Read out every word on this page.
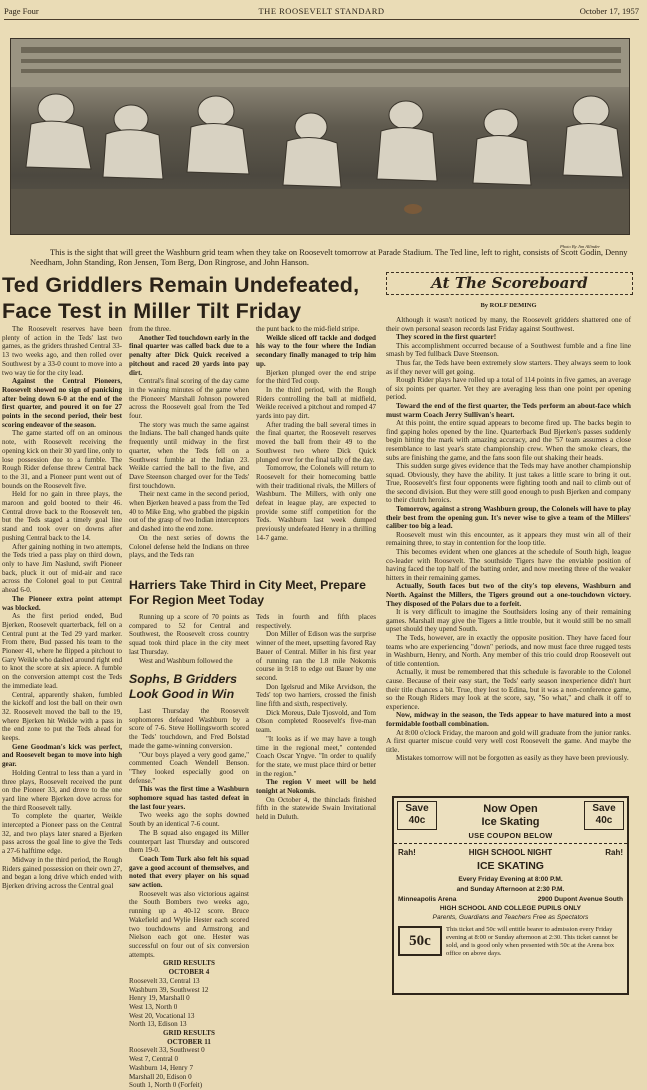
Page Four	THE ROOSEVELT STANDARD	October 17, 1957
Photo By Jim Allinder
This is the sight that will greet the Washburn grid team when they take on Roosevelt tomorrow at Parade Stadium. The Ted line, left to right, consists of Scott Godin, Denny Needham, John Standing, Ron Jensen, Tom Berg, Don Ringrose, and John Hanson.
Ted Griddlers Remain Undefeated, Face Test in Miller Tilt Friday

The Roosevelt reserves have been plenty of action in the Teds' last two games, as the griders thrashed Central 33-13 two weeks ago, and then rolled over Southwest by a 33-0 count to move into a two way tie for the city lead.

Against the Central Pioneers, Roosevelt showed no sign of panicking after being down 6-0 at the end of the first quarter, and poured it on for 27 points in the second period, their best scoring endeavor of the season.

The game started off on an ominous note, with Roosevelt receiving the opening kick on their 30 yard line, only to lose possession due to a fumble. The Rough Rider defense threw Central back to the 31, and a Pioneer punt went out of bounds on the Roosevelt five.

Held for no gain in three plays, the maroon and gold booted to their 46. Central drove back to the Roosevelt ten, but the Teds staged a timely goal line stand and took over on downs after pushing Central back to the 14.

After gaining nothing in two attempts, the Teds tried a pass play on third down, only to have Jim Naslund, swift Pioneer back, pluck it out of mid-air and race across the Colonel goal to put Central ahead 6-0.

The Pioneer extra point attempt was blocked.

As the first period ended, Bud Bjerken, Roosevelt quarterback, fell on a Central punt at the Ted 29 yard marker. From there, Bud passed his team to the Pioneer 41, where he flipped a pitchout to Gary Weikle who dashed around right end to knot the score at six apiece. A fumble on the conversion attempt cost the Teds the immediate lead.

Central, apparently shaken, fumbled the kickoff and lost the ball on their own 32. Roosevelt moved the ball to the 19, where Bjerken hit Weikle with a pass in the end zone to put the Teds ahead for keeps.

Gene Goodman's kick was perfect, and Roosevelt began to move into high gear.

Holding Central to less than a yard in three plays, Roosevelt received the punt on the Pioneer 33, and drove to the one yard line where Bjerken dove across for the third Roosevelt tally.

To complete the quarter, Weikle intercepted a Pioneer pass on the Central 32, and two plays later snared a Bjerken pass across the goal line to give the Teds a 27-6 halftime edge.

Midway in the third period, the Rough Riders gained possession on their own 27, and began a long drive which ended with Bjerken driving across the Central goal

from the three.

Another Ted touchdown early in the final quarter was called back due to a penalty after Dick Quick received a pitchout and raced 20 yards into pay dirt.

Central's final scoring of the day came in the waning minutes of the game when the Pioneers' Marshall Johnson powered across the Roosevelt goal from the Ted four.

The story was much the same against the Indians. The ball changed hands quite frequently until midway in the first quarter, when the Teds fell on a Southwest fumble at the Indian 23. Weikle carried the ball to the five, and Dave Steenson charged over for the Teds' first touchdown.

Their next came in the second period, when Bjerken heaved a pass from the Ted 40 to Mike Eng, who grabbed the pigskin out of the grasp of two Indian interceptors and dashed into the end zone.

On the next series of downs the Colonel defense held the Indians on three plays, and the Teds ran

the punt back to the mid-field stripe.

Weikle sliced off tackle and dodged his way to the four where the Indian secondary finally managed to trip him up.

Bjerken plunged over the end stripe for the third Ted coup.

In the third period, with the Rough Riders controlling the ball at midfield, Weikle received a pitchout and romped 47 yards into pay dirt.

After trading the ball several times in the final quarter, the Roosevelt reserves moved the ball from their 49 to the Southwest two where Dick Quick plunged over for the final tally of the day.

Tomorrow, the Colonels will return to Roosevelt for their homecoming battle with their traditional rivals, the Millers of Washburn. The Millers, with only one defeat in league play, are expected to provide some stiff competition for the Teds. Washburn last week dumped previously undefeated Henry in a thrilling 14-7 game.

Harriers Take Third in City Meet, Prepare For Region Meet Today

Running up a score of 70 points as compared to 52 for Central and Southwest, the Roosevelt cross country squad took third place in the city meet last Thursday.

West and Washburn followed the

Teds in fourth and fifth places respectively.

Don Miller of Edison was the surprise winner of the meet, upsetting favored Ray Bauer of Central. Miller in his first year of running ran the 1.8 mile Nokomis course in 9:18 to edge out Bauer by one second.

Don Igelsrud and Mike Arvidson, the Teds' top two harriers, crossed the finish line fifth and sixth, respectively.

Dick Moreus, Dale Tjosvold, and Tom Olson completed Roosevelt's five-man team.

"It looks as if we may have a tough time in the regional meet," contended Coach Oscar Yngve. "In order to qualify for the state, we must place third or better in the region."

The region V meet will be held tonight at Nokomis.

On October 4, the thinclads finished fifth in the statewide Swain Invitational held in Duluth.

Sophs, B Gridders Look Good in Win

Last Thursday the Roosevelt sophomores defeated Washburn by a score of 7-6. Steve Hollingsworth scored the Teds' touchdown, and Fred Bolstad made the game-winning conversion.

"Our boys played a very good game," commented Coach Wendell Benson. "They looked especially good on defense."

This was the first time a Washburn sophomore squad has tasted defeat in the last four years.

Two weeks ago the sophs downed South by an identical 7-6 count.

The B squad also engaged its Miller counterpart last Thursday and outscored them 19-0.

Coach Tom Turk also felt his squad gave a good account of themselves, and noted that every player on his squad saw action.

Roosevelt was also victorious against the South Bombers two weeks ago, running up a 40-12 score. Bruce Wakefield and Wylie Hester each scored two touchdowns and Armstrong and Nielson each got one. Hester was successful on four out of six conversion attempts.

GRID RESULTS

OCTOBER 4

Roosevelt 33, Central 13

Washburn 39, Southwest 12

Henry 19, Marshall 0

West 13, North 0

West 20, Vocational 13

North 13, Edison 13

GRID RESULTS

OCTOBER 11

Roosevelt 33, Southwest 0

West 7, Central 0

Washburn 14, Henry 7

Marshall 20, Edison 0

South 1, North 0 (Forfeit)

At The Scoreboard
By ROLF DEMING

Although it wasn't noticed by many, the Roosevelt gridders shattered one of their own personal season records last Friday against Southwest.

They scored in the first quarter!

This accomplishment occurred because of a Southwest fumble and a fine line smash by Ted fullback Dave Steenson.

Thus far, the Teds have been extremely slow starters. They always seem to look as if they never will get going.

Rough Rider plays have rolled up a total of 114 points in five games, an average of six points per quarter. Yet they are averaging less than one point per opening period.

Toward the end of the first quarter, the Teds perform an about-face which must warm Coach Jerry Sullivan's heart.

At this point, the entire squad appears to become fired up. The backs begin to find gaping holes opened by the line. Quarterback Bud Bjerken's passes suddenly begin hitting the mark with amazing accuracy, and the '57 team assumes a close resemblance to last year's state championship crew. When the smoke clears, the subs are finishing the game, and the fans soon file out shaking their heads.

This sudden surge gives evidence that the Teds may have another championship squad. Obviously, they have the ability. It just takes a little scare to bring it out. True, Roosevelt's first four opponents were fighting tooth and nail to climb out of the second division. But they were still good enough to push Bjerken and company to their clutch heroics.

Tomorrow, against a strong Washburn group, the Colonels will have to play their best from the opening gun. It's never wise to give a team of the Millers' caliber too big a lead.

Roosevelt must win this encounter, as it appears they must win all of their remaining three, to stay in contention for the loop title.

This becomes evident when one glances at the schedule of South high, league co-leader with Roosevelt. The southside Tigers have the enviable position of having faced the top half of the batting order, and now meeting three of the weaker hitters in their remaining games.

Actually, South faces but two of the city's top elevens, Washburn and North. Against the Millers, the Tigers ground out a one-touchdown victory. They disposed of the Polars due to a forfeit.

It is very difficult to imagine the Southsiders losing any of their remaining games. Marshall may give the Tigers a little trouble, but it would still be no small upset should they upend South.

The Teds, however, are in exactly the opposite position. They have faced four teams who are experiencing "down" periods, and now must face three rugged tests in Washburn, Henry, and North. Any member of this trio could drop Roosevelt out of title contention.

Actually, it must be remembered that this schedule is favorable to the Colonel cause. Because of their easy start, the Teds' early season inexperience didn't hurt their title chances a bit. True, they lost to Edina, but it was a non-conference game, so the Rough Riders may look at the score, say, "So what," and chalk it off to experience.

Now, midway in the season, the Teds appear to have matured into a most formidable football combination.

At 8:00 o'clock Friday, the maroon and gold will graduate from the junior ranks. A first quarter miscue could very well cost Roosevelt the game. And maybe the title.

Mistakes tomorrow will not be forgotten as easily as they have been previously.

Save
40c
Now Open
Ice Skating
Save
40c
USE COUPON BELOW
Rah!	HIGH SCHOOL NIGHT	Rah!
ICE SKATING
Every Friday Evening at 8:00 P.M.
and Sunday Afternoon at 2:30 P.M.
Minneapolis Arena	2900 Dupont Avenue South
HIGH SCHOOL AND COLLEGE PUPILS ONLY
Parents, Guardians and Teachers Free as Spectators
50c
This ticket and 50c will entitle bearer to admission every Friday evening at 8:00 or Sunday afternoon at 2:30. This ticket cannot be sold, and is good only when presented with 50c at the Arena box office on above days.
